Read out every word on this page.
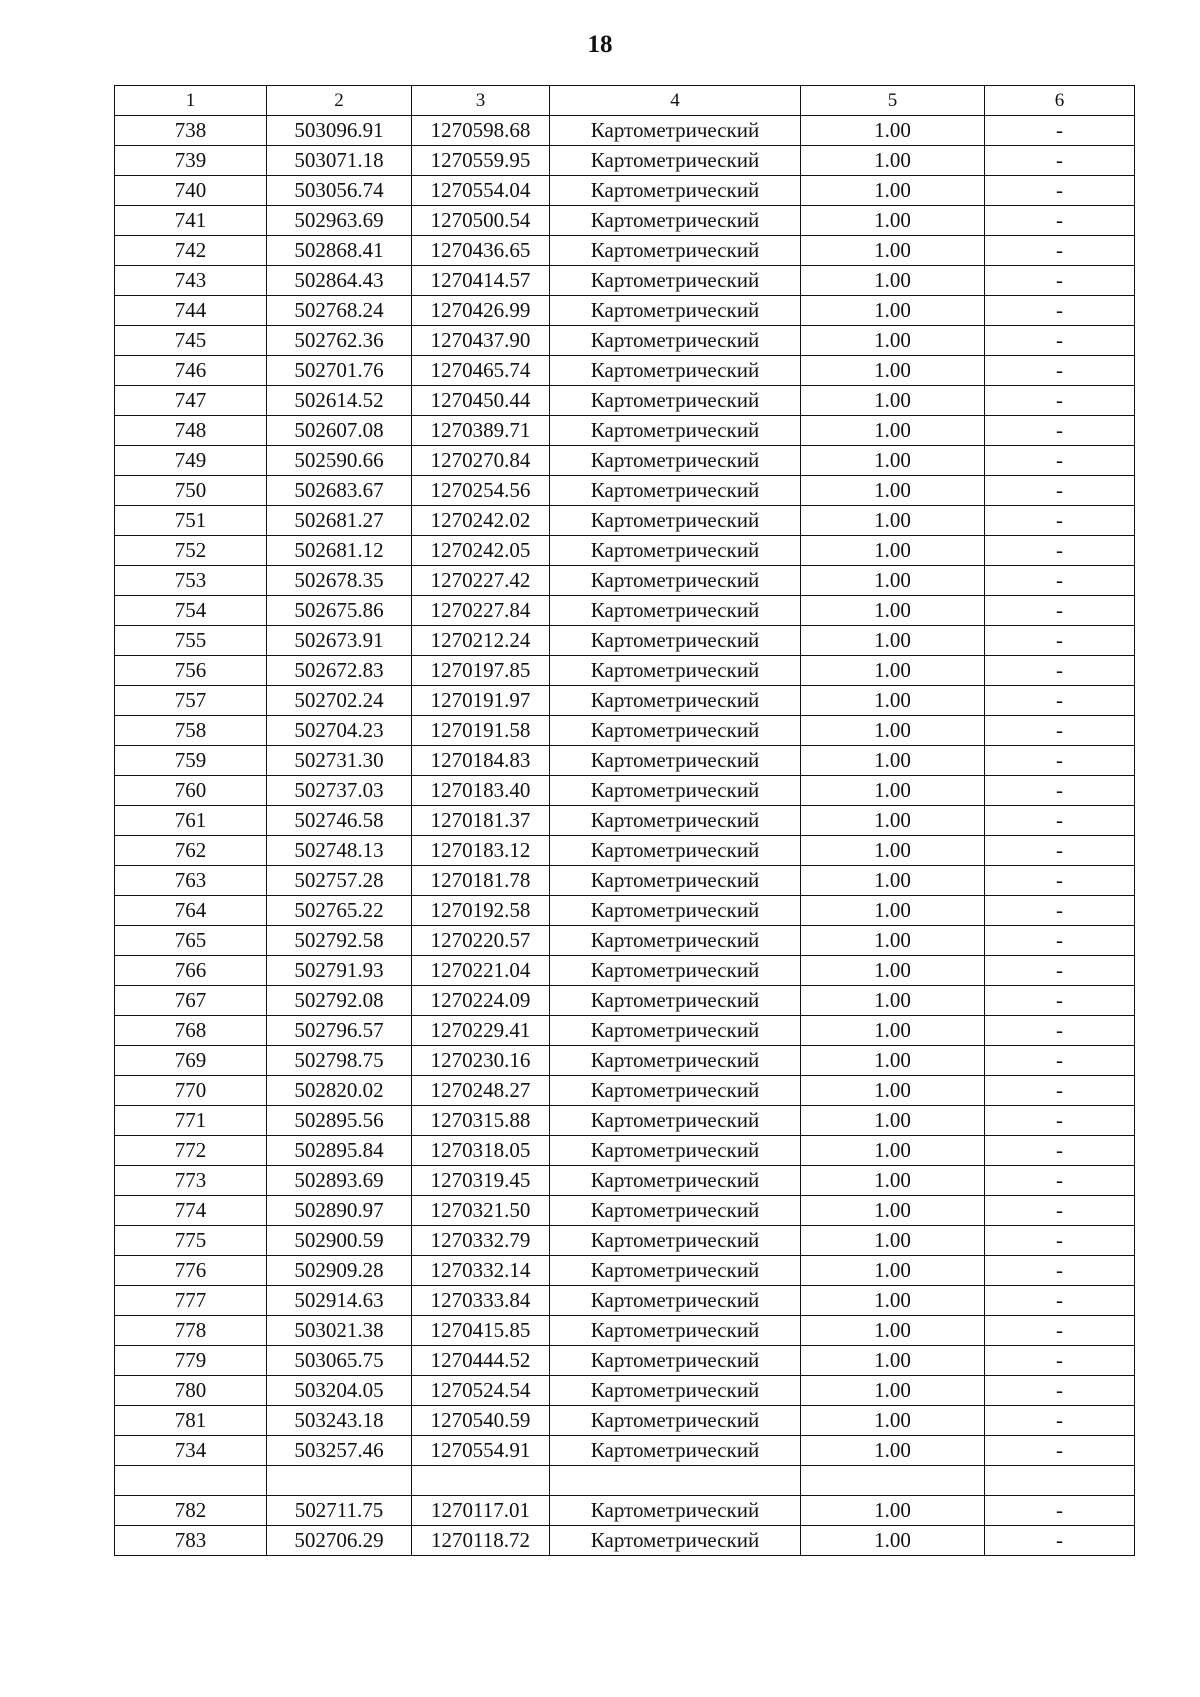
18
1	2	3	4	5	6
738	503096.91	1270598.68	Картометрический	1.00	-
739	503071.18	1270559.95	Картометрический	1.00	-
740	503056.74	1270554.04	Картометрический	1.00	-
741	502963.69	1270500.54	Картометрический	1.00	-
742	502868.41	1270436.65	Картометрический	1.00	-
743	502864.43	1270414.57	Картометрический	1.00	-
744	502768.24	1270426.99	Картометрический	1.00	-
745	502762.36	1270437.90	Картометрический	1.00	-
746	502701.76	1270465.74	Картометрический	1.00	-
747	502614.52	1270450.44	Картометрический	1.00	-
748	502607.08	1270389.71	Картометрический	1.00	-
749	502590.66	1270270.84	Картометрический	1.00	-
750	502683.67	1270254.56	Картометрический	1.00	-
751	502681.27	1270242.02	Картометрический	1.00	-
752	502681.12	1270242.05	Картометрический	1.00	-
753	502678.35	1270227.42	Картометрический	1.00	-
754	502675.86	1270227.84	Картометрический	1.00	-
755	502673.91	1270212.24	Картометрический	1.00	-
756	502672.83	1270197.85	Картометрический	1.00	-
757	502702.24	1270191.97	Картометрический	1.00	-
758	502704.23	1270191.58	Картометрический	1.00	-
759	502731.30	1270184.83	Картометрический	1.00	-
760	502737.03	1270183.40	Картометрический	1.00	-
761	502746.58	1270181.37	Картометрический	1.00	-
762	502748.13	1270183.12	Картометрический	1.00	-
763	502757.28	1270181.78	Картометрический	1.00	-
764	502765.22	1270192.58	Картометрический	1.00	-
765	502792.58	1270220.57	Картометрический	1.00	-
766	502791.93	1270221.04	Картометрический	1.00	-
767	502792.08	1270224.09	Картометрический	1.00	-
768	502796.57	1270229.41	Картометрический	1.00	-
769	502798.75	1270230.16	Картометрический	1.00	-
770	502820.02	1270248.27	Картометрический	1.00	-
771	502895.56	1270315.88	Картометрический	1.00	-
772	502895.84	1270318.05	Картометрический	1.00	-
773	502893.69	1270319.45	Картометрический	1.00	-
774	502890.97	1270321.50	Картометрический	1.00	-
775	502900.59	1270332.79	Картометрический	1.00	-
776	502909.28	1270332.14	Картометрический	1.00	-
777	502914.63	1270333.84	Картометрический	1.00	-
778	503021.38	1270415.85	Картометрический	1.00	-
779	503065.75	1270444.52	Картометрический	1.00	-
780	503204.05	1270524.54	Картометрический	1.00	-
781	503243.18	1270540.59	Картометрический	1.00	-
734	503257.46	1270554.91	Картометрический	1.00	-

782	502711.75	1270117.01	Картометрический	1.00	-
783	502706.29	1270118.72	Картометрический	1.00	-
